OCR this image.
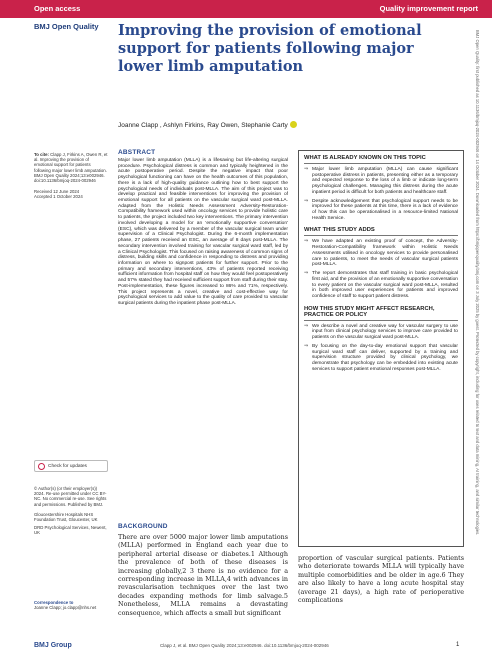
Open access	Quality improvement report
BMJ Open Quality Improving the provision of emotional support for patients following major lower limb amputation
Joanne Clapp , Ashlyn Firkins, Ray Owen, Stephanie Carty
To cite: Clapp J, Firkins A, Owen R, et al. Improving the provision of emotional support for patients following major lower limb amputation. BMJ Open Quality 2024;13:e002946. doi:10.1136/bmjoq-2024-002946
Received 12 June 2024
Accepted 1 October 2024
Check for updates
© Author(s) (or their employer(s)) 2024. Re-use permitted under CC BY-NC. No commercial re-use. See rights and permissions. Published by BMJ.
Gloucestershire Hospitals NHS Foundation Trust, Gloucester, UK
DRD Psychological Services, Newent, UK
Correspondence to
Joanne Clapp; jo.clapp@nhs.net
ABSTRACT
Major lower limb amputation (MLLA) is a lifesaving but life-altering surgical procedure. Psychological distress is common and typically heightened in the acute postoperative period. Despite the negative impact that poor psychological functioning can have on the health outcomes of this population, there is a lack of high-quality guidance outlining how to best support the psychological needs of individuals post-MLLA. The aim of this project was to develop practical and feasible interventions for improving the provision of emotional support for all patients on the vascular surgical ward post-MLLA. Adapted from the Holistic Needs Assessment Adversity-Restoration-Compatibility framework used within oncology services to provide holistic care to patients, the project included two key interventions. The primary intervention involved developing a model for an 'emotionally supportive conversation' (ESC), which was delivered by a member of the vascular surgical team under supervision of a Clinical Psychologist. During the 6-month implementation phase, 27 patients received an ESC, an average of 8 days post-MLLA. The secondary intervention involved training for vascular surgical ward staff, led by a Clinical Psychologist. This focused on raising awareness of common signs of distress, building skills and confidence in responding to distress and providing information on where to signpost patients for further support. Prior to the primary and secondary interventions, 43% of patients reported receiving sufficient information from hospital staff on how they would feel postoperatively and 57% stated they had received sufficient support from staff during their stay. Post-implementation, these figures increased to 86% and 71%, respectively. This project represents a novel, creative and cost-effective way for psychological services to add value to the quality of care provided to vascular surgical patients during the inpatient phase post-MLLA.
WHAT IS ALREADY KNOWN ON THIS TOPIC
⇒ Major lower limb amputation (MLLA) can cause significant postoperative distress in patients, presenting either as a temporary and expected response to the loss of a limb or indicate long-term psychological challenges. Managing this distress during the acute inpatient period is difficult for both patients and healthcare staff.
⇒ Despite acknowledgement that psychological support needs to be improved for these patients at this time, there is a lack of evidence of how this can be operationalised in a resource-limited National Health Service.
WHAT THIS STUDY ADDS
⇒ We have adapted an existing proof of concept, the Adversity-Restoration-Compatibility framework within Holistic Needs Assessments utilised in oncology services to provide personalised care to patients, to meet the needs of vascular surgical patients post-MLLA.
⇒ The report demonstrates that staff training in basic psychological first aid, and the provision of an emotionally supportive conversation to every patient on the vascular surgical ward post-MLLA, resulted in both improved user experiences for patients and improved confidence of staff to support patient distress.
HOW THIS STUDY MIGHT AFFECT RESEARCH, PRACTICE OR POLICY
⇒ We describe a novel and creative way for vascular surgery to use input from clinical psychology services to improve care provided to patients on the vascular surgical ward post-MLLA.
⇒ By focusing on the day-to-day emotional support that vascular surgical ward staff can deliver, supported by a training and supervision structure provided by clinical psychology, we demonstrate that psychology can be embedded into existing acute services to support patient emotional responses post-MLLA.
BACKGROUND
There are over 5000 major lower limb amputations (MLLA) performed in England each year due to peripheral arterial disease or diabetes.1 Although the prevalence of both of these diseases is increasing globally,2 3 there is no evidence for a corresponding increase in MLLA,4 with advances in revascularisation techniques over the last two decades expanding methods for limb salvage.5 Nonetheless, MLLA remains a devastating consequence, which affects a small but significant
proportion of vascular surgical patients. Patients who deteriorate towards MLLA will typically have multiple comorbidities and be older in age.6 They are also likely to have a long acute hospital stay (average 21 days), a high rate of perioperative complications
BMJ Open Quality: first published as 10.1136/bmjoq-2024-002946 on 14 October 2024. Downloaded from https://bmjopenquality.bmj.com on 3 July 2025 by guest. Protected by copyright, including for uses related to text and data mining, AI training, and similar technologies.
BMJ Group	Clapp J, et al. BMJ Open Quality 2024;13:e002946. doi:10.1136/bmjoq-2024-002946	1
